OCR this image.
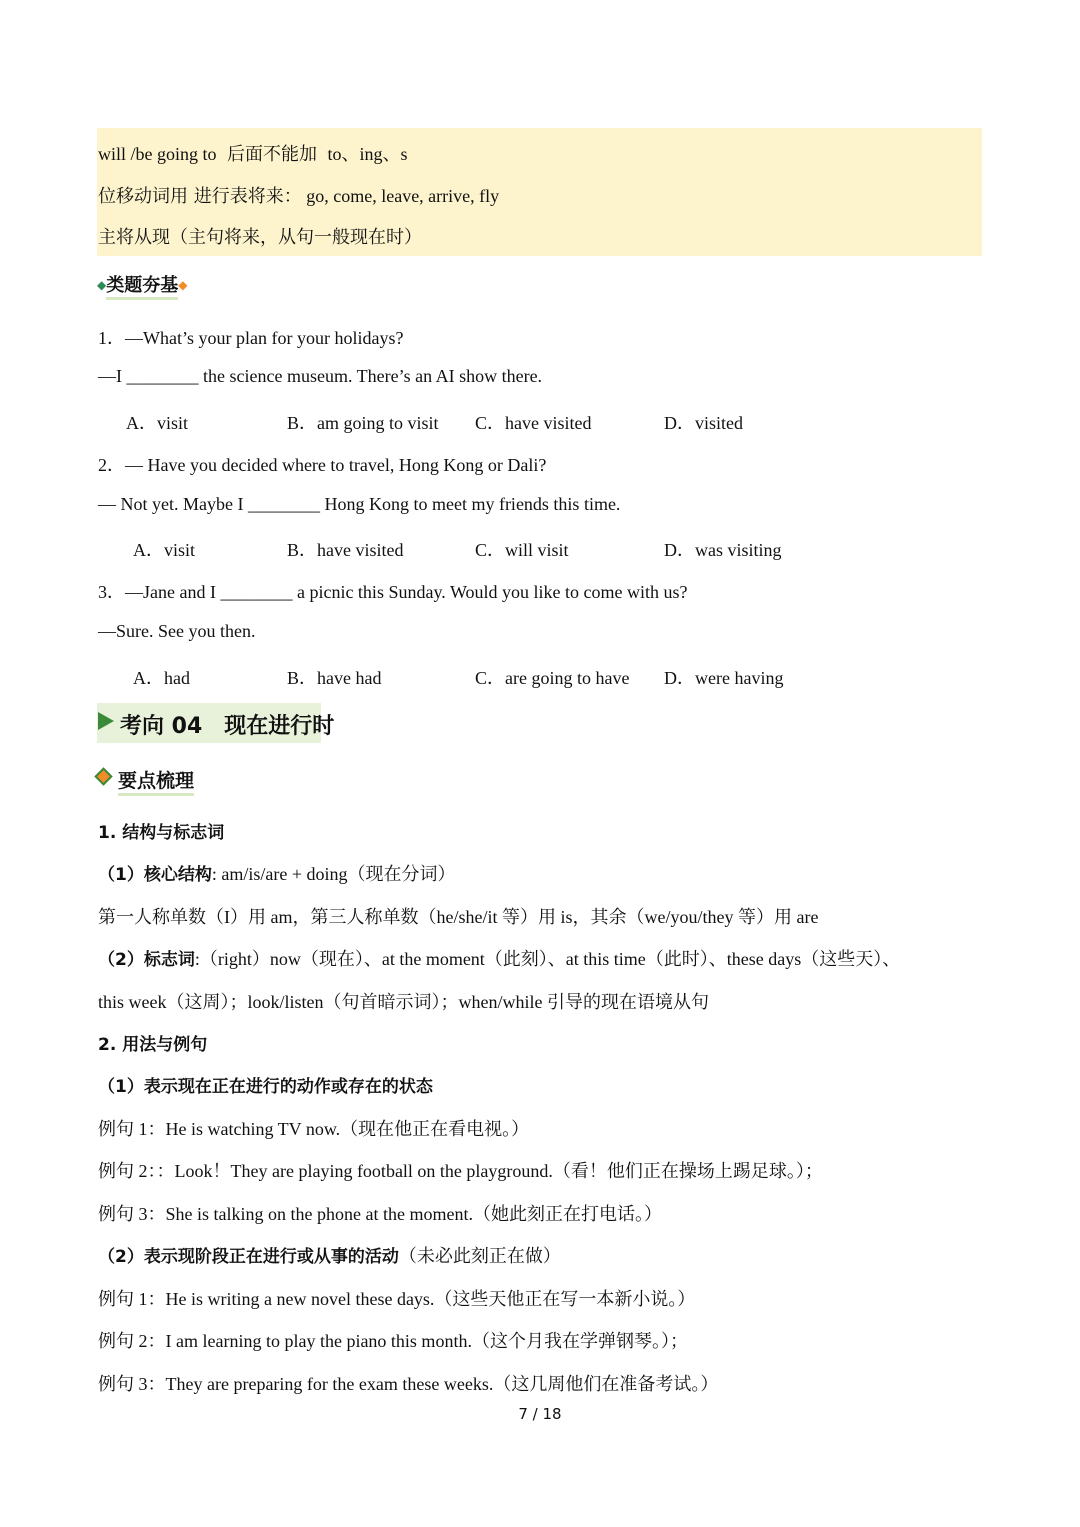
will /be going to 后面不能加 to、ing、s
位移动词用 进行表将来： go, come, leave, arrive, fly
主将从现（主句将来，从句一般现在时）
◆类题夯基◆
1．—What’s your plan for your holidays?
—I ________ the science museum. There’s an AI show there.
A．visit	B．am going to visit C．have visited	D．visited
2．— Have you decided where to travel, Hong Kong or Dali?
— Not yet. Maybe I ________ Hong Kong to meet my friends this time.
A．visit	B．have visited	C．will visit	D．was visiting
3．—Jane and I ________ a picnic this Sunday. Would you like to come with us?
—Sure. See you then.
A．had	B．have had	C．are going to have D．were having
考向 04　现在进行时
要点梳理
1. 结构与标志词
（1）核心结构: am/is/are + doing（现在分词）
第一人称单数（I）用 am，第三人称单数（he/she/it 等）用 is，其余（we/you/they 等）用 are
（2）标志词:（right）now（现在）、at the moment（此刻）、at this time（此时）、these days（这些天）、
this week（这周）；look/listen（句首暗示词）；when/while 引导的现在语境从句
2. 用法与例句
（1）表示现在正在进行的动作或存在的状态
例句 1：He is watching TV now.（现在他正在看电视。）
例句 2：：Look！They are playing football on the playground.（看！他们正在操场上踢足球。）；
例句 3：She is talking on the phone at the moment.（她此刻正在打电话。）
（2）表示现阶段正在进行或从事的活动（未必此刻正在做）
例句 1：He is writing a new novel these days.（这些天他正在写一本新小说。）
例句 2：I am learning to play the piano this month.（这个月我在学弹钢琴。）；
例句 3：They are preparing for the exam these weeks.（这几周他们在准备考试。）
7 / 18
